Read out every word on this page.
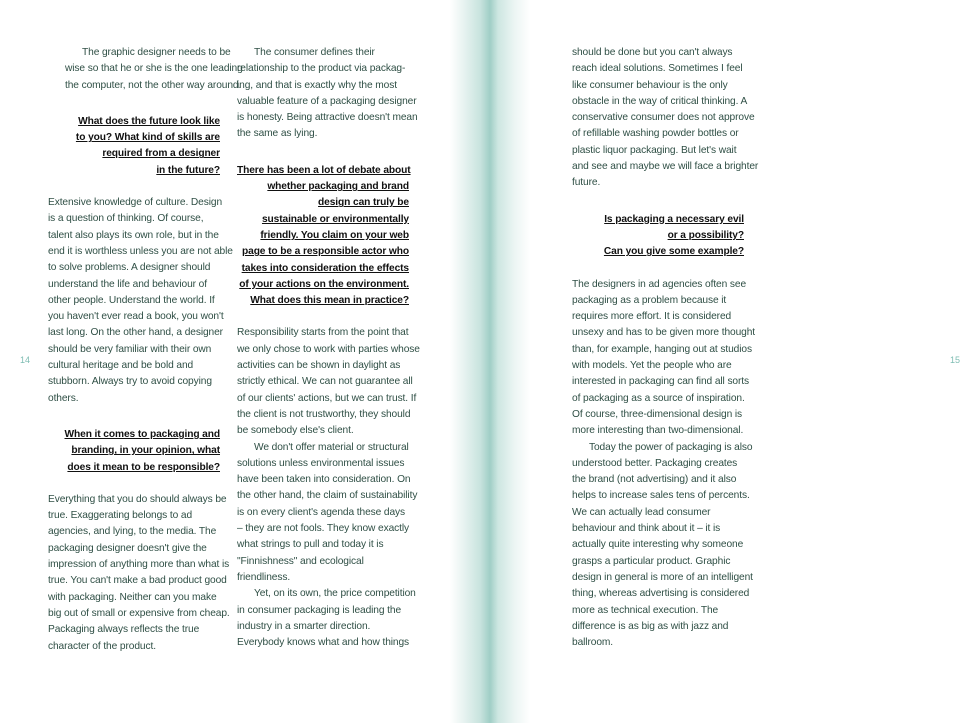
14	15

The graphic designer needs to be
wise so that he or she is the one leading
the computer, not the other way around.

What does the future look like
to you? What kind of skills are
required from a designer
in the future?

Extensive knowledge of culture. Design
is a question of thinking. Of course,
talent also plays its own role, but in the
end it is worthless unless you are not able
to solve problems. A designer should
understand the life and behaviour of
other people. Understand the world. If
you haven't ever read a book, you won't
last long. On the other hand, a designer
should be very familiar with their own
cultural heritage and be bold and
stubborn. Always try to avoid copying
others.

When it comes to packaging and
branding, in your opinion, what
does it mean to be responsible?

Everything that you do should always be
true. Exaggerating belongs to ad
agencies, and lying, to the media. The
packaging designer doesn't give the
impression of anything more than what is
true. You can't make a bad product good
with packaging. Neither can you make
big out of small or expensive from cheap.
Packaging always reflects the true
character of the product.

The consumer defines their
relationship to the product via packag-
ing, and that is exactly why the most
valuable feature of a packaging designer
is honesty. Being attractive doesn't mean
the same as lying.

There has been a lot of debate about
whether packaging and brand
design can truly be
sustainable or environmentally
friendly. You claim on your web
page to be a responsible actor who
takes into consideration the effects
of your actions on the environment.
What does this mean in practice?

Responsibility starts from the point that
we only chose to work with parties whose
activities can be shown in daylight as
strictly ethical. We can not guarantee all
of our clients' actions, but we can trust. If
the client is not trustworthy, they should
be somebody else's client.

We don't offer material or structural
solutions unless environmental issues
have been taken into consideration. On
the other hand, the claim of sustainability
is on every client's agenda these days
– they are not fools. They know exactly
what strings to pull and today it is
"Finnishness" and ecological
friendliness.

Yet, on its own, the price competition
in consumer packaging is leading the
industry in a smarter direction.
Everybody knows what and how things

should be done but you can't always
reach ideal solutions. Sometimes I feel
like consumer behaviour is the only
obstacle in the way of critical thinking. A
conservative consumer does not approve
of refillable washing powder bottles or
plastic liquor packaging. But let's wait
and see and maybe we will face a brighter
future.

Is packaging a necessary evil
or a possibility?
Can you give some example?

The designers in ad agencies often see
packaging as a problem because it
requires more effort. It is considered
unsexy and has to be given more thought
than, for example, hanging out at studios
with models. Yet the people who are
interested in packaging can find all sorts
of packaging as a source of inspiration.
Of course, three-dimensional design is
more interesting than two-dimensional.

Today the power of packaging is also
understood better. Packaging creates
the brand (not advertising) and it also
helps to increase sales tens of percents.
We can actually lead consumer
behaviour and think about it – it is
actually quite interesting why someone
grasps a particular product. Graphic
design in general is more of an intelligent
thing, whereas advertising is considered
more as technical execution. The
difference is as big as with jazz and
ballroom.
